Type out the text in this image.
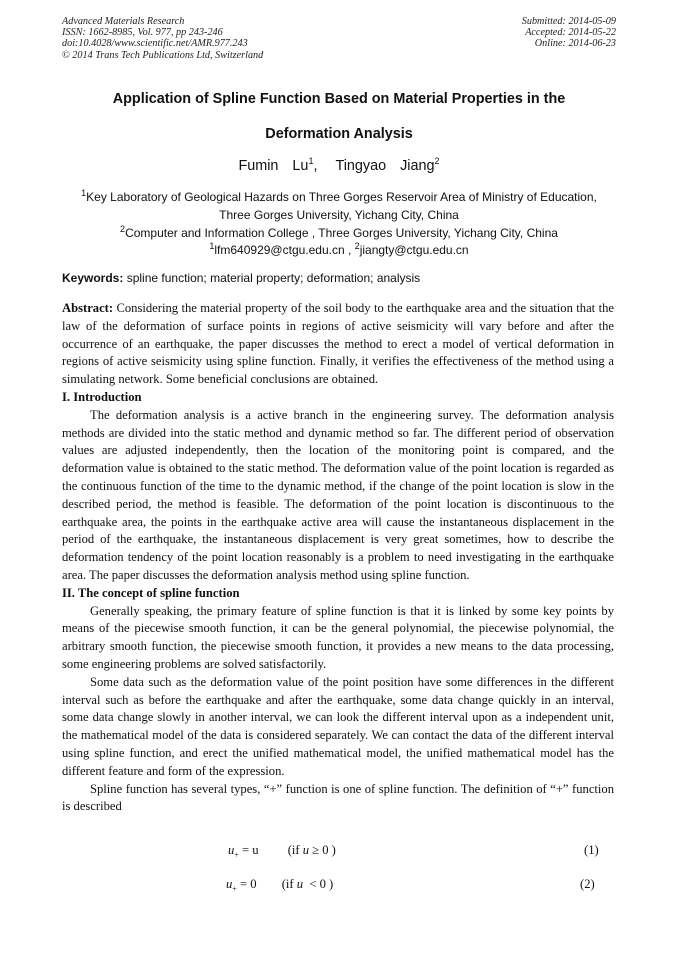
Advanced Materials Research
ISSN: 1662-8985, Vol. 977, pp 243-246
doi:10.4028/www.scientific.net/AMR.977.243
© 2014 Trans Tech Publications Ltd, Switzerland
Submitted: 2014-05-09
Accepted: 2014-05-22
Online: 2014-06-23
Application of Spline Function Based on Material Properties in the
Deformation Analysis
Fumin Lu$^1$, Tingyao Jiang$^2$
$^1$Key Laboratory of Geological Hazards on Three Gorges Reservoir Area of Ministry of Education,
Three Gorges University, Yichang City, China
$^2$Computer and Information College , Three Gorges University, Yichang City, China
$^1$lfm640929@ctgu.edu.cn , $^2$jiangty@ctgu.edu.cn
Keywords: spline function; material property; deformation; analysis

Abstract: Considering the material property of the soil body to the earthquake area and the situation that the law of the deformation of surface points in regions of active seismicity will vary before and after the occurrence of an earthquake, the paper discusses the method to erect a model of vertical deformation in regions of active seismicity using spline function. Finally, it verifies the effectiveness of the method using a simulating network. Some beneficial conclusions are obtained.

I. Introduction

The deformation analysis is a active branch in the engineering survey. The deformation analysis methods are divided into the static method and dynamic method so far. The different period of observation values are adjusted independently, then the location of the monitoring point is compared, and the deformation value is obtained to the static method. The deformation value of the point location is regarded as the continuous function of the time to the dynamic method, if the change of the point location is slow in the described period, the method is feasible. The deformation of the point location is discontinuous to the earthquake area, the points in the earthquake active area will cause the instantaneous displacement in the period of the earthquake, the instantaneous displacement is very great sometimes, how to describe the deformation tendency of the point location reasonably is a problem to need investigating in the earthquake area. The paper discusses the deformation analysis method using spline function.

II. The concept of spline function

Generally speaking, the primary feature of spline function is that it is linked by some key points by means of the piecewise smooth function, it can be the general polynomial, the piecewise polynomial, the arbitrary smooth function, the piecewise smooth function, it provides a new means to the data processing, some engineering problems are solved satisfactorily.

Some data such as the deformation value of the point position have some differences in the different interval such as before the earthquake and after the earthquake, some data change quickly in an interval, some data change slowly in another interval, we can look the different interval upon as a independent unit, the mathematical model of the data is considered separately. We can contact the data of the different interval using spline function, and erect the unified mathematical model, the unified mathematical model has the different feature and form of the expression.

Spline function has several types, “+” function is one of spline function. The definition of “+” function is described

$u_+ = u$ (if u ≥ 0 )	(1)
$u_+ = 0$ (if u  < 0 )	(2)
